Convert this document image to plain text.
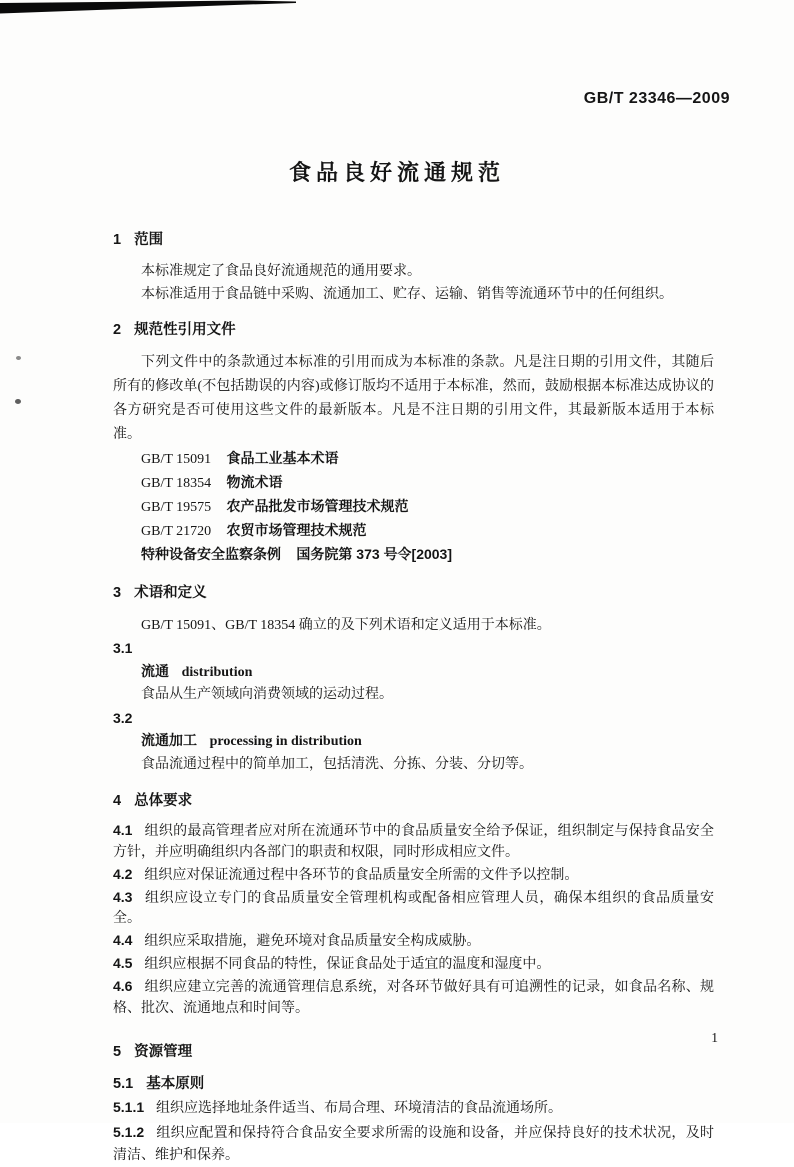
GB/T 23346—2009
食品良好流通规范
1 范围

本标准规定了食品良好流通规范的通用要求。

本标准适用于食品链中采购、流通加工、贮存、运输、销售等流通环节中的任何组织。

2 规范性引用文件

下列文件中的条款通过本标准的引用而成为本标准的条款。凡是注日期的引用文件，其随后所有的修改单(不包括勘误的内容)或修订版均不适用于本标准，然而，鼓励根据本标准达成协议的各方研究是否可使用这些文件的最新版本。凡是不注日期的引用文件，其最新版本适用于本标准。

GB/T 15091 食品工业基本术语

GB/T 18354 物流术语

GB/T 19575 农产品批发市场管理技术规范

GB/T 21720 农贸市场管理技术规范

特种设备安全监察条例 国务院第 373 号令[2003]

3 术语和定义

GB/T 15091、GB/T 18354 确立的及下列术语和定义适用于本标准。

3.1

流通 distribution

食品从生产领域向消费领域的运动过程。

3.2

流通加工 processing in distribution

食品流通过程中的简单加工，包括清洗、分拣、分装、分切等。

4 总体要求

4.1 组织的最高管理者应对所在流通环节中的食品质量安全给予保证，组织制定与保持食品安全方针，并应明确组织内各部门的职责和权限，同时形成相应文件。

4.2 组织应对保证流通过程中各环节的食品质量安全所需的文件予以控制。

4.3 组织应设立专门的食品质量安全管理机构或配备相应管理人员，确保本组织的食品质量安全。

4.4 组织应采取措施，避免环境对食品质量安全构成威胁。

4.5 组织应根据不同食品的特性，保证食品处于适宜的温度和湿度中。

4.6 组织应建立完善的流通管理信息系统，对各环节做好具有可追溯性的记录，如食品名称、规格、批次、流通地点和时间等。

5 资源管理
5.1 基本原则

5.1.1 组织应选择地址条件适当、布局合理、环境清洁的食品流通场所。

5.1.2 组织应配置和保持符合食品安全要求所需的设施和设备，并应保持良好的技术状况，及时清洁、维护和保养。

1
